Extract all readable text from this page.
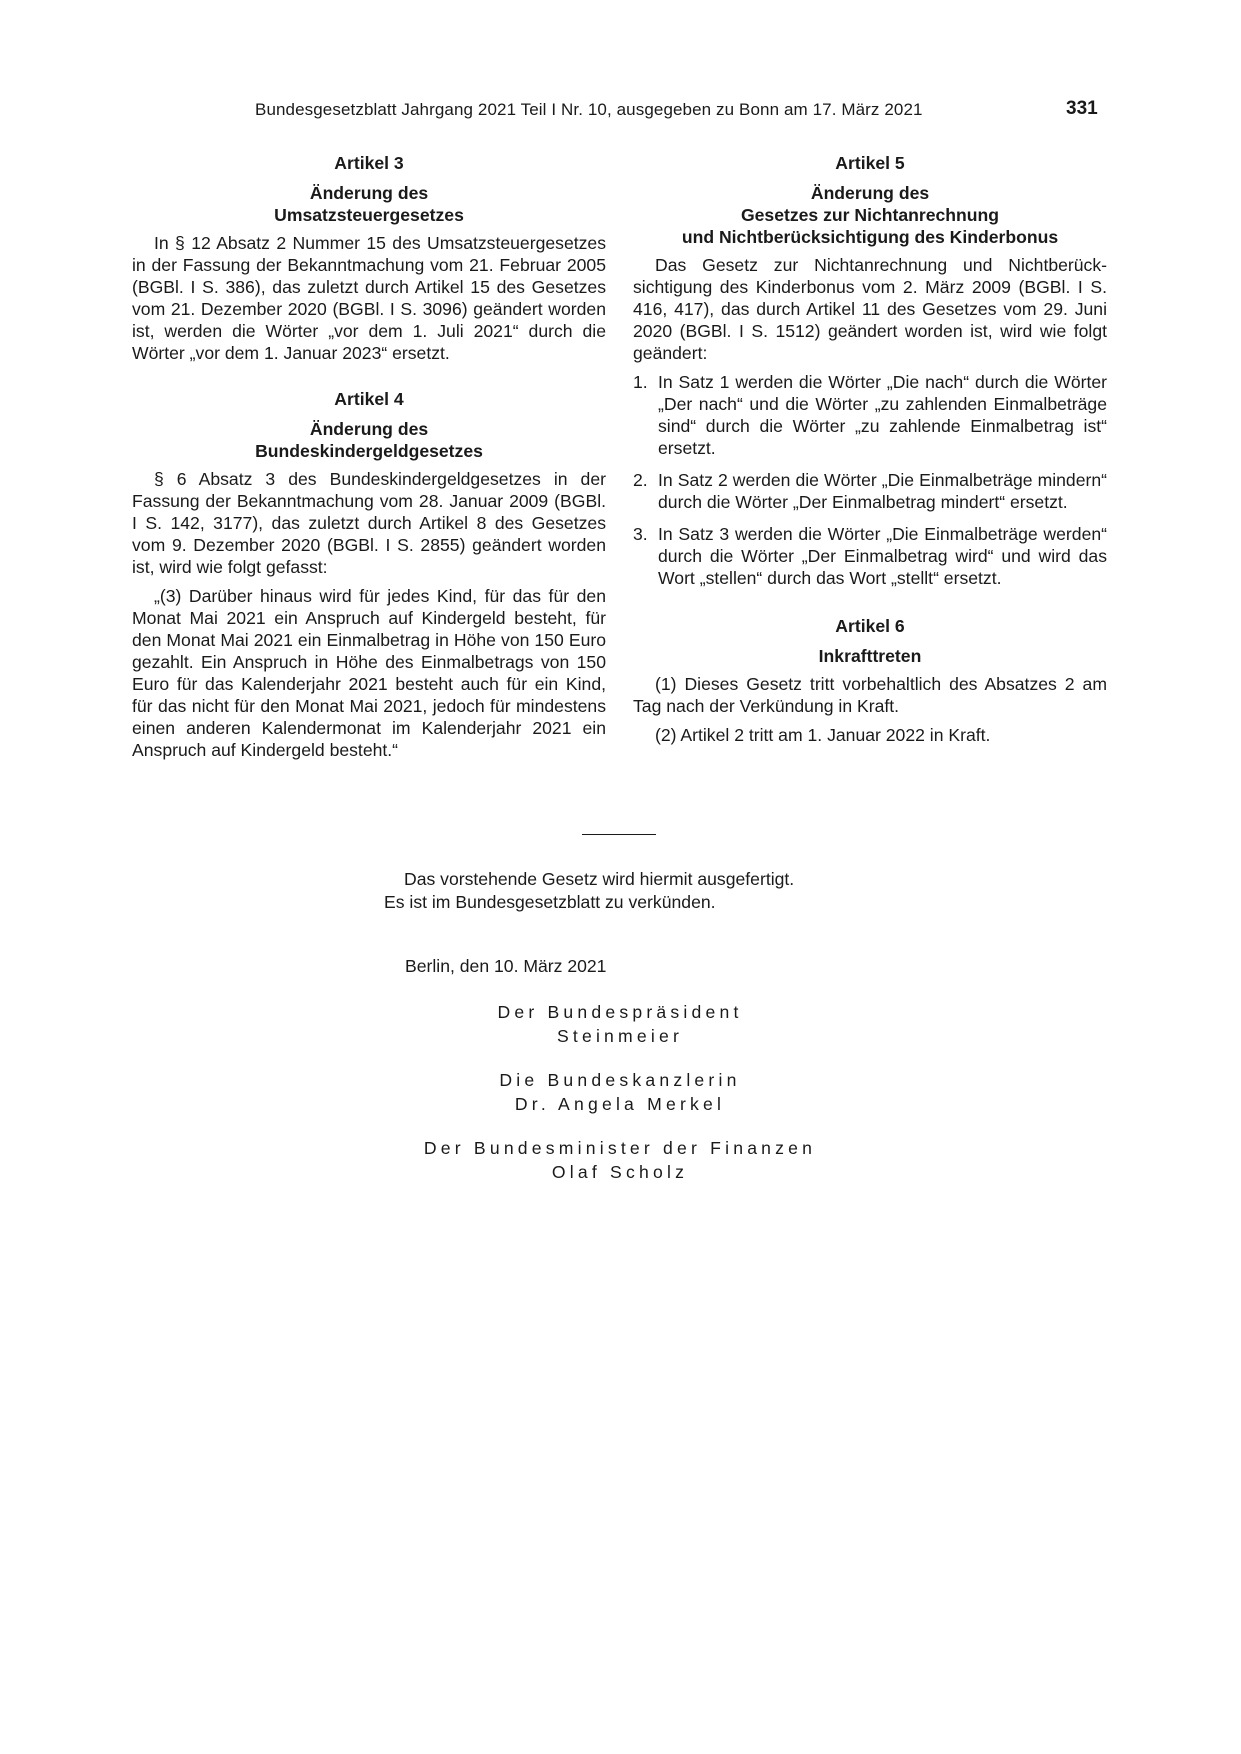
Bundesgesetzblatt Jahrgang 2021 Teil I Nr. 10, ausgegeben zu Bonn am 17. März 2021	331

Artikel 3

Änderung des
Umsatzsteuergesetzes

In § 12 Absatz 2 Nummer 15 des Umsatzsteuergesetzes in der Fassung der Bekanntmachung vom 21. Februar 2005 (BGBl. I S. 386), das zuletzt durch Artikel 15 des Gesetzes vom 21. Dezember 2020 (BGBl. I S. 3096) geändert worden ist, werden die Wörter „vor dem 1. Juli 2021“ durch die Wörter „vor dem 1. Januar 2023“ ersetzt.

Artikel 4

Änderung des
Bundeskindergeldgesetzes

§ 6 Absatz 3 des Bundeskindergeldgesetzes in der Fassung der Bekanntmachung vom 28. Januar 2009 (BGBl. I S. 142, 3177), das zuletzt durch Artikel 8 des Gesetzes vom 9. Dezember 2020 (BGBl. I S. 2855) geändert worden ist, wird wie folgt gefasst:

„(3) Darüber hinaus wird für jedes Kind, für das für den Monat Mai 2021 ein Anspruch auf Kindergeld besteht, für den Monat Mai 2021 ein Einmalbetrag in Höhe von 150 Euro gezahlt. Ein Anspruch in Höhe des Einmalbetrags von 150 Euro für das Kalenderjahr 2021 besteht auch für ein Kind, für das nicht für den Monat Mai 2021, jedoch für mindestens einen anderen Kalendermonat im Kalenderjahr 2021 ein Anspruch auf Kindergeld besteht.“

Artikel 5

Änderung des
Gesetzes zur Nichtanrechnung
und Nichtberücksichtigung des Kinderbonus

Das Gesetz zur Nichtanrechnung und Nichtberücksichtigung des Kinderbonus vom 2. März 2009 (BGBl. I S. 416, 417), das durch Artikel 11 des Gesetzes vom 29. Juni 2020 (BGBl. I S. 1512) geändert worden ist, wird wie folgt geändert:

1. In Satz 1 werden die Wörter „Die nach“ durch die Wörter „Der nach“ und die Wörter „zu zahlenden Einmalbeträge sind“ durch die Wörter „zu zahlende Einmalbetrag ist“ ersetzt.
2. In Satz 2 werden die Wörter „Die Einmalbeträge mindern“ durch die Wörter „Der Einmalbetrag mindert“ ersetzt.
3. In Satz 3 werden die Wörter „Die Einmalbeträge werden“ durch die Wörter „Der Einmalbetrag wird“ und wird das Wort „stellen“ durch das Wort „stellt“ ersetzt.

Artikel 6

Inkrafttreten

(1) Dieses Gesetz tritt vorbehaltlich des Absatzes 2 am Tag nach der Verkündung in Kraft.

(2) Artikel 2 tritt am 1. Januar 2022 in Kraft.

Das vorstehende Gesetz wird hiermit ausgefertigt.

Es ist im Bundesgesetzblatt zu verkünden.

Berlin, den 10. März 2021
Der Bundespräsident
Steinmeier
Die Bundeskanzlerin
Dr. Angela Merkel
Der Bundesminister der Finanzen
Olaf Scholz
